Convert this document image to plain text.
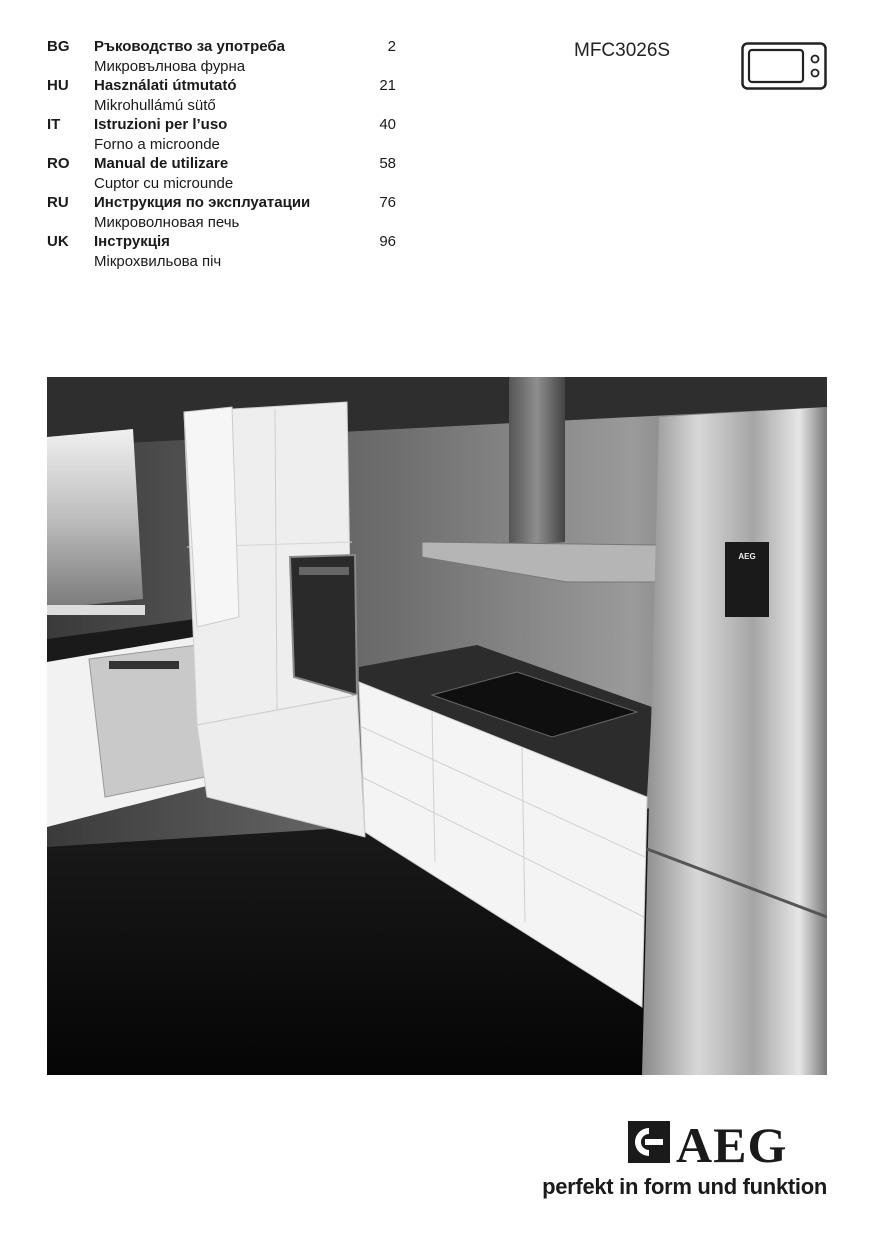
BG Ръководство за употреба
Микровълнова фурна
2
HU Használati útmutató
Mikrohullámú sütő
21
IT Istruzioni per l’uso
Forno a microonde
40
RO Manual de utilizare
Cuptor cu microunde
58
RU Инструкция по эксплуатации
Микроволновая печь
76
UK Інструкція
Мікрохвильова піч
96
MFC3026S
AEG
AEG
perfekt in form und funktion
